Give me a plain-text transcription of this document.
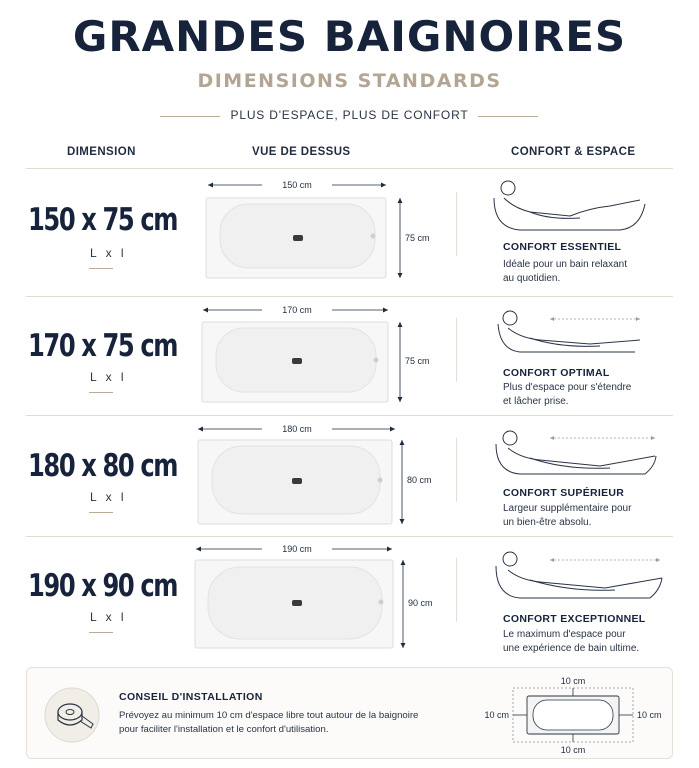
GRANDES BAIGNOIRES
DIMENSIONS STANDARDS
PLUS D'ESPACE, PLUS DE CONFORT
DIMENSION	VUE DE DESSUS	CONFORT & ESPACE
150 x 75 cm
L x l
150 cm
75 cm
CONFORT ESSENTIEL
Idéale pour un bain relaxant
au quotidien.
170 x 75 cm
L x l
170 cm
75 cm
CONFORT OPTIMAL
Plus d'espace pour s'étendre
et lâcher prise.
180 x 80 cm
L x l
180 cm
80 cm
CONFORT SUPÉRIEUR
Largeur supplémentaire pour
un bien-être absolu.
190 x 90 cm
L x l
190 cm
90 cm
CONFORT EXCEPTIONNEL
Le maximum d'espace pour
une expérience de bain ultime.
CONSEIL D'INSTALLATION
Prévoyez au minimum 10 cm d'espace libre tout autour de la baignoire
pour faciliter l'installation et le confort d'utilisation.
10 cm
10 cm
10 cm	10 cm
